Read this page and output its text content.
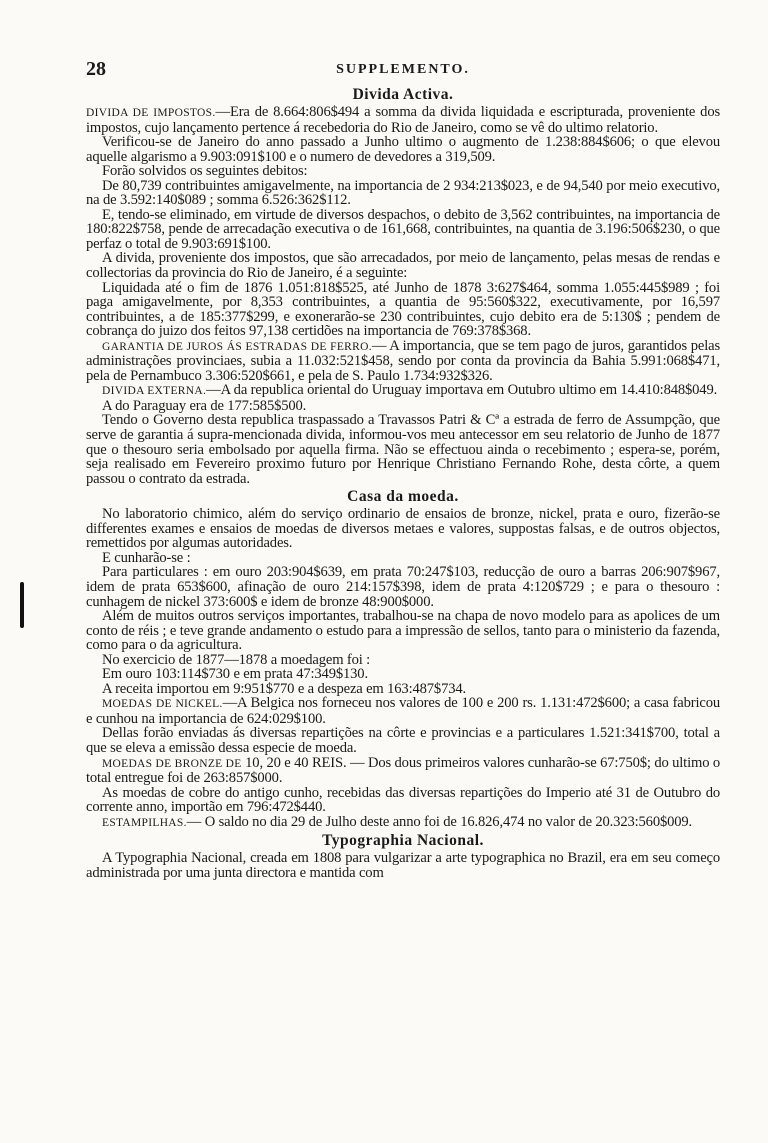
28	SUPPLEMENTO.
Divida Activa.

DIVIDA DE IMPOSTOS.—Era de 8.664:806$494 a somma da divida liquidada e escripturada, proveniente dos impostos, cujo lançamento pertence á recebedoria do Rio de Janeiro, como se vê do ultimo relatorio.

Verificou-se de Janeiro do anno passado a Junho ultimo o augmento de 1.238:884$606; o que elevou aquelle algarismo a 9.903:091$100 e o numero de devedores a 319,509.

Forão solvidos os seguintes debitos:

De 80,739 contribuintes amigavelmente, na importancia de 2 934:213$023, e de 94,540 por meio executivo, na de 3.592:140$089 ; somma 6.526:362$112.

E, tendo-se eliminado, em virtude de diversos despachos, o debito de 3,562 contribuintes, na importancia de 180:822$758, pende de arrecadação executiva o de 161,668, contribuintes, na quantia de 3.196:506$230, o que perfaz o total de 9.903:691$100.

A divida, proveniente dos impostos, que são arrecadados, por meio de lançamento, pelas mesas de rendas e collectorias da provincia do Rio de Janeiro, é a seguinte:

Liquidada até o fim de 1876 1.051:818$525, até Junho de 1878 3:627$464, somma 1.055:445$989 ; foi paga amigavelmente, por 8,353 contribuintes, a quantia de 95:560$322, executivamente, por 16,597 contribuintes, a de 185:377$299, e exonerarão-se 230 contribuintes, cujo debito era de 5:130$ ; pendem de cobrança do juizo dos feitos 97,138 certidões na importancia de 769:378$368.

GARANTIA DE JUROS ÁS ESTRADAS DE FERRO.— A importancia, que se tem pago de juros, garantidos pelas administrações provinciaes, subia a 11.032:521$458, sendo por conta da provincia da Bahia 5.991:068$471, pela de Pernambuco 3.306:520$661, e pela de S. Paulo 1.734:932$326.

DIVIDA EXTERNA.—A da republica oriental do Uruguay importava em Outubro ultimo em 14.410:848$049.

A do Paraguay era de 177:585$500.

Tendo o Governo desta republica traspassado a Travassos Patri & Cª a estrada de ferro de Assumpção, que serve de garantia á supra-mencionada divida, informou-vos meu antecessor em seu relatorio de Junho de 1877 que o thesouro seria embolsado por aquella firma. Não se effectuou ainda o recebimento ; espera-se, porém, seja realisado em Fevereiro proximo futuro por Henrique Christiano Fernando Rohe, desta côrte, a quem passou o contrato da estrada.

Casa da moeda.

No laboratorio chimico, além do serviço ordinario de ensaios de bronze, nickel, prata e ouro, fizerão-se differentes exames e ensaios de moedas de diversos metaes e valores, suppostas falsas, e de outros objectos, remettidos por algumas autoridades.

E cunharão-se :

Para particulares : em ouro 203:904$639, em prata 70:247$103, reducção de ouro a barras 206:907$967, idem de prata 653$600, afinação de ouro 214:157$398, idem de prata 4:120$729 ; e para o thesouro : cunhagem de nickel 373:600$ e idem de bronze 48:900$000.

Além de muitos outros serviços importantes, trabalhou-se na chapa de novo modelo para as apolices de um conto de réis ; e teve grande andamento o estudo para a impressão de sellos, tanto para o ministerio da fazenda, como para o da agricultura.

No exercicio de 1877—1878 a moedagem foi :

Em ouro 103:114$730 e em prata 47:349$130.

A receita importou em 9:951$770 e a despeza em 163:487$734.

MOEDAS DE NICKEL.—A Belgica nos forneceu nos valores de 100 e 200 rs. 1.131:472$600; a casa fabricou e cunhou na importancia de 624:029$100.

Dellas forão enviadas ás diversas repartições na côrte e provincias e a particulares 1.521:341$700, total a que se eleva a emissão dessa especie de moeda.

MOEDAS DE BRONZE DE 10, 20 e 40 REIS. — Dos dous primeiros valores cunharão-se 67:750$; do ultimo o total entregue foi de 263:857$000.

As moedas de cobre do antigo cunho, recebidas das diversas repartições do Imperio até 31 de Outubro do corrente anno, importão em 796:472$440.

ESTAMPILHAS.— O saldo no dia 29 de Julho deste anno foi de 16.826,474 no valor de 20.323:560$009.

Typographia Nacional.

A Typographia Nacional, creada em 1808 para vulgarizar a arte typographica no Brazil, era em seu começo administrada por uma junta directora e mantida com
